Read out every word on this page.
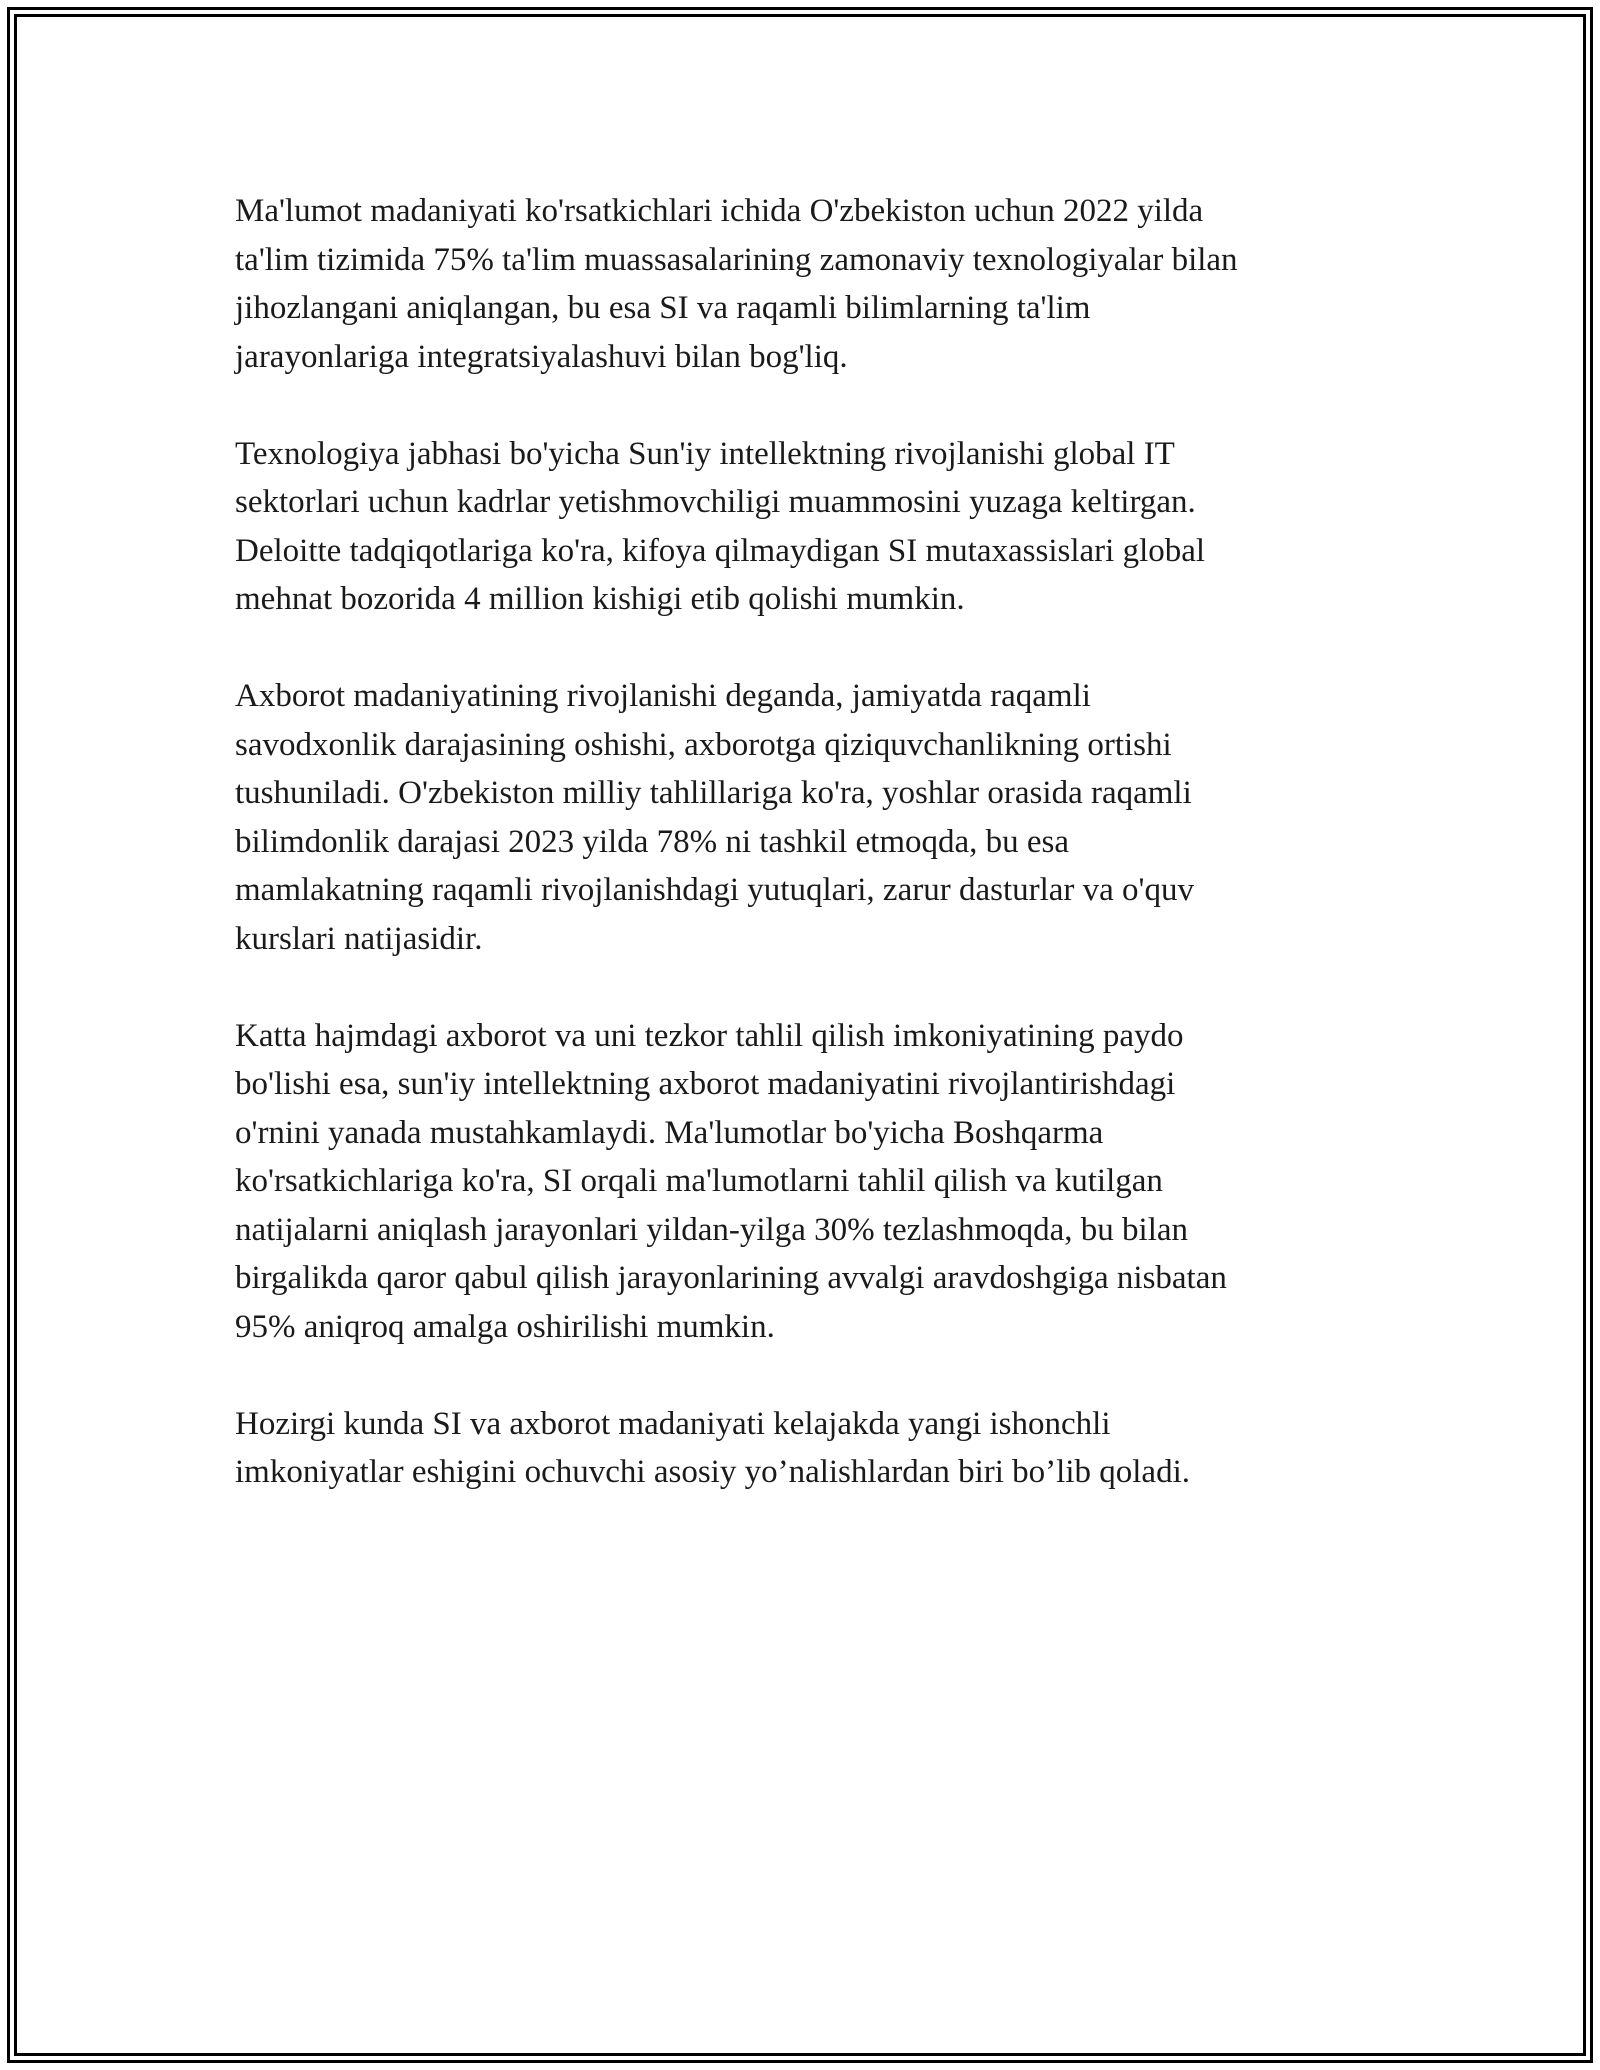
Ma'lumot madaniyati ko'rsatkichlari ichida O'zbekiston uchun 2022 yilda
ta'lim tizimida 75% ta'lim muassasalarining zamonaviy texnologiyalar bilan
jihozlangani aniqlangan, bu esa SI va raqamli bilimlarning ta'lim
jarayonlariga integratsiyalashuvi bilan bog'liq.

Texnologiya jabhasi bo'yicha Sun'iy intellektning rivojlanishi global IT
sektorlari uchun kadrlar yetishmovchiligi muammosini yuzaga keltirgan.
Deloitte tadqiqotlariga ko'ra, kifoya qilmaydigan SI mutaxassislari global
mehnat bozorida 4 million kishigi etib qolishi mumkin.

Axborot madaniyatining rivojlanishi deganda, jamiyatda raqamli
savodxonlik darajasining oshishi, axborotga qiziquvchanlikning ortishi
tushuniladi. O'zbekiston milliy tahlillariga ko'ra, yoshlar orasida raqamli
bilimdonlik darajasi 2023 yilda 78% ni tashkil etmoqda, bu esa
mamlakatning raqamli rivojlanishdagi yutuqlari, zarur dasturlar va o'quv
kurslari natijasidir.

Katta hajmdagi axborot va uni tezkor tahlil qilish imkoniyatining paydo
bo'lishi esa, sun'iy intellektning axborot madaniyatini rivojlantirishdagi
o'rnini yanada mustahkamlaydi. Ma'lumotlar bo'yicha Boshqarma
ko'rsatkichlariga ko'ra, SI orqali ma'lumotlarni tahlil qilish va kutilgan
natijalarni aniqlash jarayonlari yildan-yilga 30% tezlashmoqda, bu bilan
birgalikda qaror qabul qilish jarayonlarining avvalgi aravdoshgiga nisbatan
95% aniqroq amalga oshirilishi mumkin.

Hozirgi kunda SI va axborot madaniyati kelajakda yangi ishonchli
imkoniyatlar eshigini ochuvchi asosiy yo’nalishlardan biri bo’lib qoladi.
